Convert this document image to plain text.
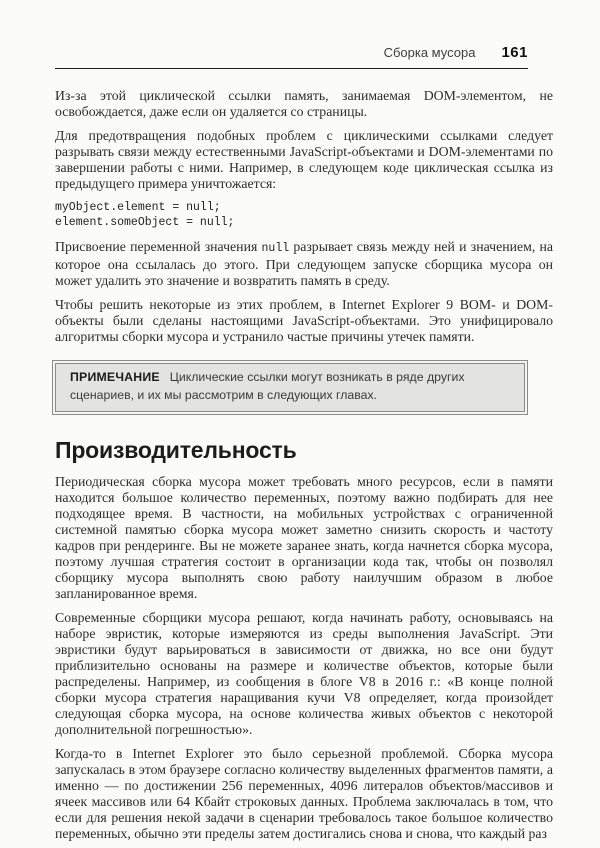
Сборка мусора 161

Из-за этой циклической ссылки память, занимаемая DOM-элементом, не освобождается, даже если он удаляется со страницы.

Для предотвращения подобных проблем с циклическими ссылками следует разрывать связи между естественными JavaScript-объектами и DOM-элементами по завершении работы с ними. Например, в следующем коде циклическая ссылка из предыдущего примера уничтожается:

myObject.element = null;
element.someObject = null;

Присвоение переменной значения null разрывает связь между ней и значением, на которое она ссылалась до этого. При следующем запуске сборщика мусора он может удалить это значение и возвратить память в среду.

Чтобы решить некоторые из этих проблем, в Internet Explorer 9 BOM- и DOM-объекты были сделаны настоящими JavaScript-объектами. Это унифицировало алгоритмы сборки мусора и устранило частые причины утечек памяти.

ПРИМЕЧАНИЕ Циклические ссылки могут возникать в ряде других сценариев, и их мы рассмотрим в следующих главах.
Производительность

Периодическая сборка мусора может требовать много ресурсов, если в памяти находится большое количество переменных, поэтому важно подбирать для нее подходящее время. В частности, на мобильных устройствах с ограниченной системной памятью сборка мусора может заметно снизить скорость и частоту кадров при рендеринге. Вы не можете заранее знать, когда начнется сборка мусора, поэтому лучшая стратегия состоит в организации кода так, чтобы он позволял сборщику мусора выполнять свою работу наилучшим образом в любое запланированное время.

Современные сборщики мусора решают, когда начинать работу, основываясь на наборе эвристик, которые измеряются из среды выполнения JavaScript. Эти эвристики будут варьироваться в зависимости от движка, но все они будут приблизительно основаны на размере и количестве объектов, которые были распределены. Например, из сообщения в блоге V8 в 2016 г.: «В конце полной сборки мусора стратегия наращивания кучи V8 определяет, когда произойдет следующая сборка мусора, на основе количества живых объектов с некоторой дополнительной погрешностью».

Когда-то в Internet Explorer это было серьезной проблемой. Сборка мусора запускалась в этом браузере согласно количеству выделенных фрагментов памяти, а именно — по достижении 256 переменных, 4096 литералов объектов/массивов и ячеек массивов или 64 Кбайт строковых данных. Проблема заключалась в том, что если для решения некой задачи в сценарии требовалось такое большое количество переменных, обычно эти пределы затем достигались снова и снова, что каждый раз
